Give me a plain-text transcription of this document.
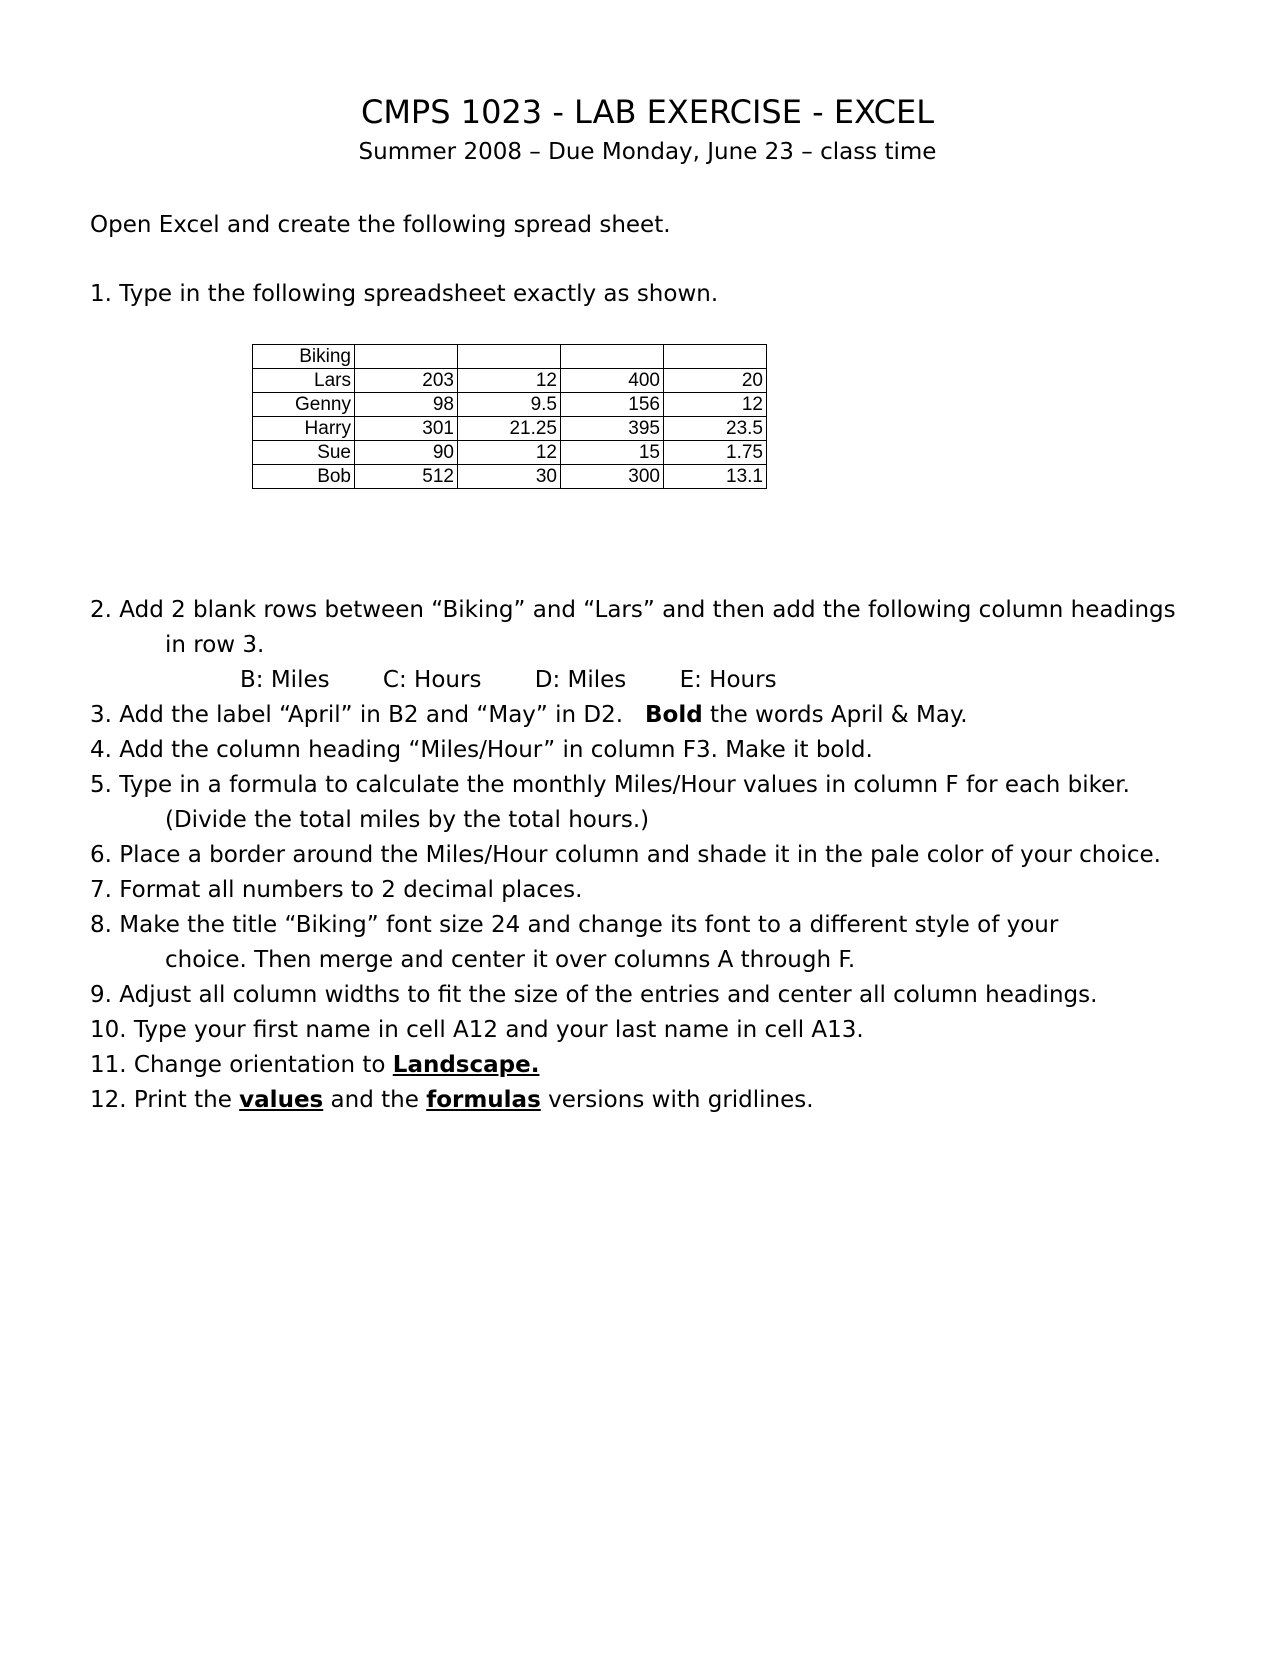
CMPS 1023 - LAB EXERCISE - EXCEL
Summer 2008 – Due Monday, June 23 – class time
Open Excel and create the following spread sheet.
1. Type in the following spreadsheet exactly as shown.
Biking				
Lars	203	12	400	20
Genny	98	9.5	156	12
Harry	301	21.25	395	23.5
Sue	90	12	15	1.75
Bob	512	30	300	13.1
2. Add 2 blank rows between “Biking” and “Lars” and then add the following column headings
in row 3.
B: Miles C: Hours D: Miles E: Hours
3. Add the label “April” in B2 and “May” in D2. Bold the words April & May.
4. Add the column heading “Miles/Hour” in column F3. Make it bold.
5. Type in a formula to calculate the monthly Miles/Hour values in column F for each biker.
(Divide the total miles by the total hours.)
6. Place a border around the Miles/Hour column and shade it in the pale color of your choice.
7. Format all numbers to 2 decimal places.
8. Make the title “Biking” font size 24 and change its font to a different style of your
choice. Then merge and center it over columns A through F.
9. Adjust all column widths to fit the size of the entries and center all column headings.
10. Type your first name in cell A12 and your last name in cell A13.
11. Change orientation to Landscape.
12. Print the values and the formulas versions with gridlines.
